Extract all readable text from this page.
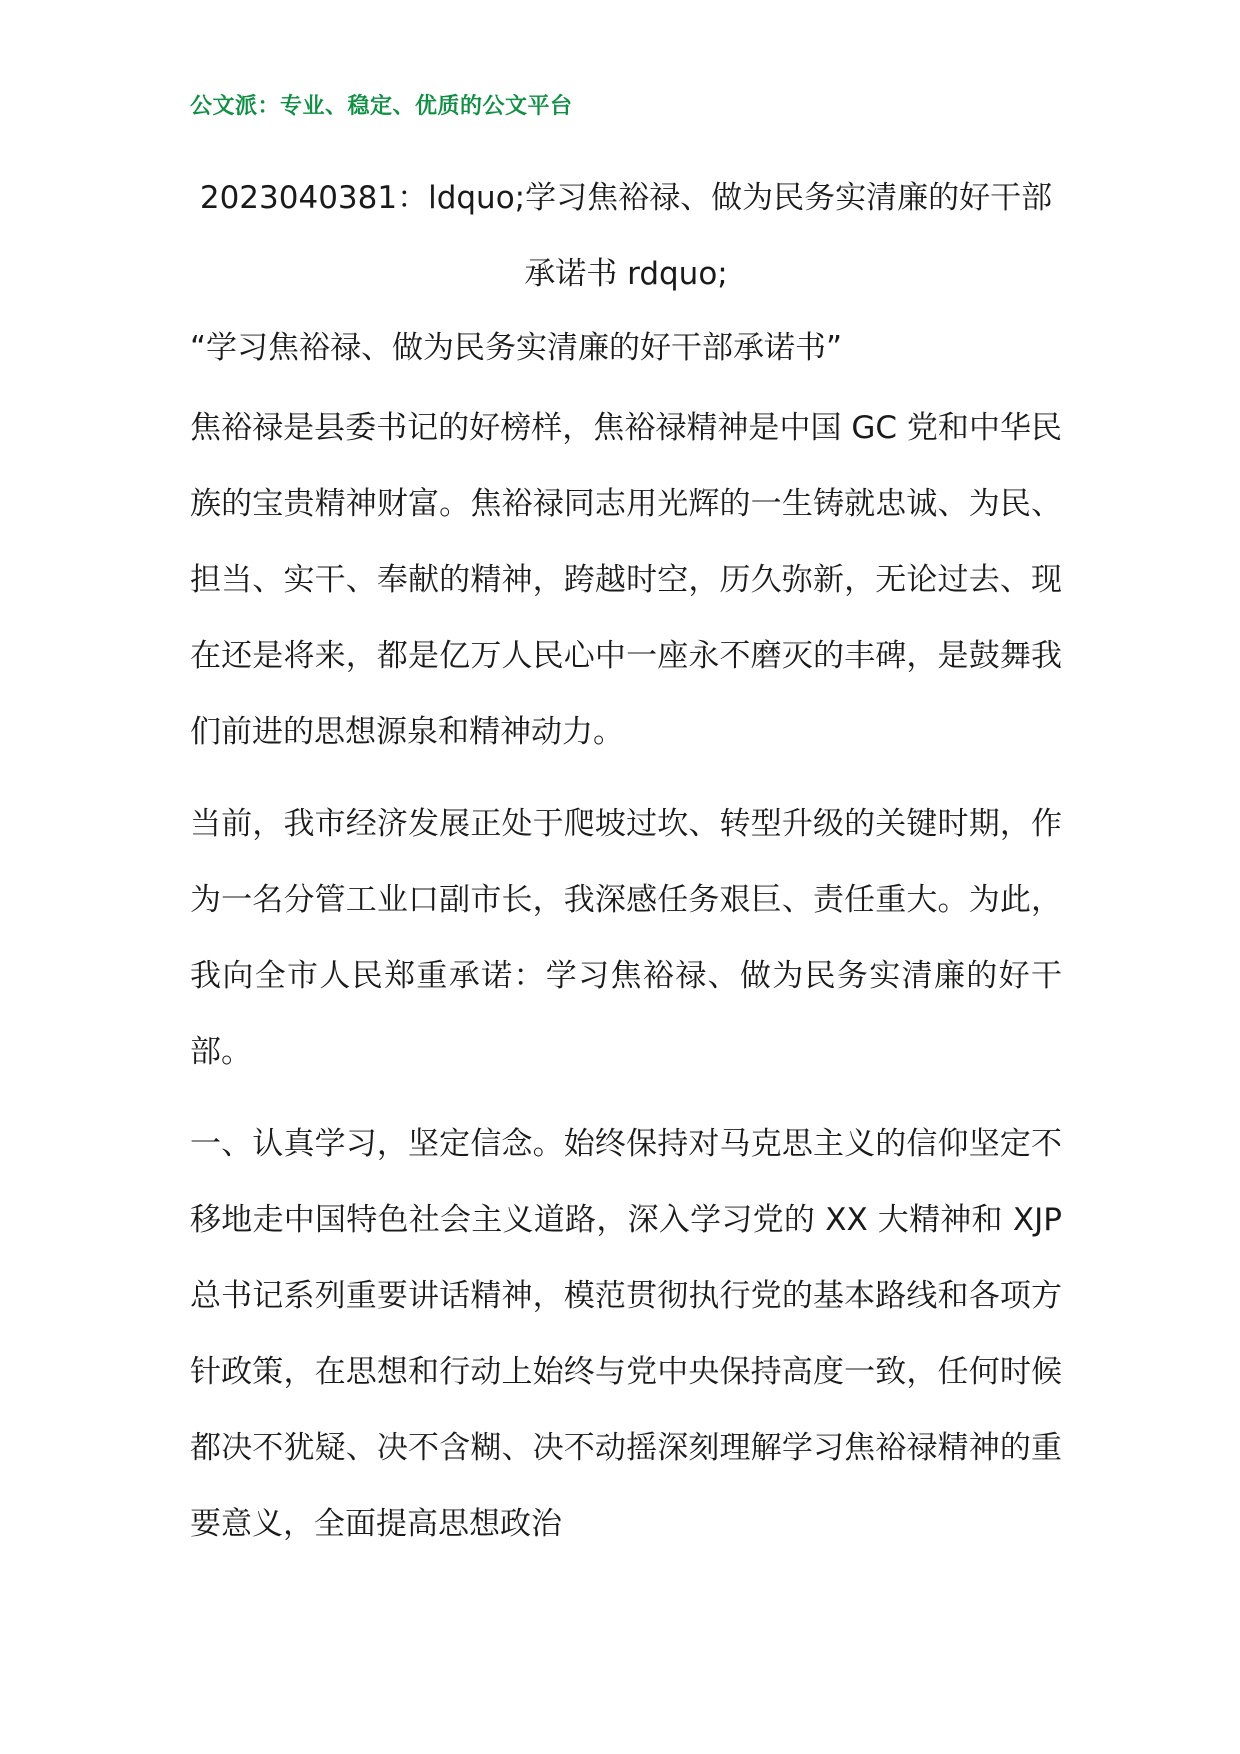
公文派：专业、稳定、优质的公文平台
2023040381：ldquo;学习焦裕禄、做为民务实清廉的好干部承诺书 rdquo;

“学习焦裕禄、做为民务实清廉的好干部承诺书”

焦裕禄是县委书记的好榜样，焦裕禄精神是中国 GC 党和中华民族的宝贵精神财富。焦裕禄同志用光辉的一生铸就忠诚、为民、担当、实干、奉献的精神，跨越时空，历久弥新，无论过去、现在还是将来，都是亿万人民心中一座永不磨灭的丰碑，是鼓舞我们前进的思想源泉和精神动力。

当前，我市经济发展正处于爬坡过坎、转型升级的关键时期，作为一名分管工业口副市长，我深感任务艰巨、责任重大。为此，我向全市人民郑重承诺：学习焦裕禄、做为民务实清廉的好干部。

一、认真学习，坚定信念。始终保持对马克思主义的信仰坚定不移地走中国特色社会主义道路，深入学习党的 XX 大精神和 XJP 总书记系列重要讲话精神，模范贯彻执行党的基本路线和各项方针政策，在思想和行动上始终与党中央保持高度一致，任何时候都决不犹疑、决不含糊、决不动摇深刻理解学习焦裕禄精神的重要意义，全面提高思想政治
